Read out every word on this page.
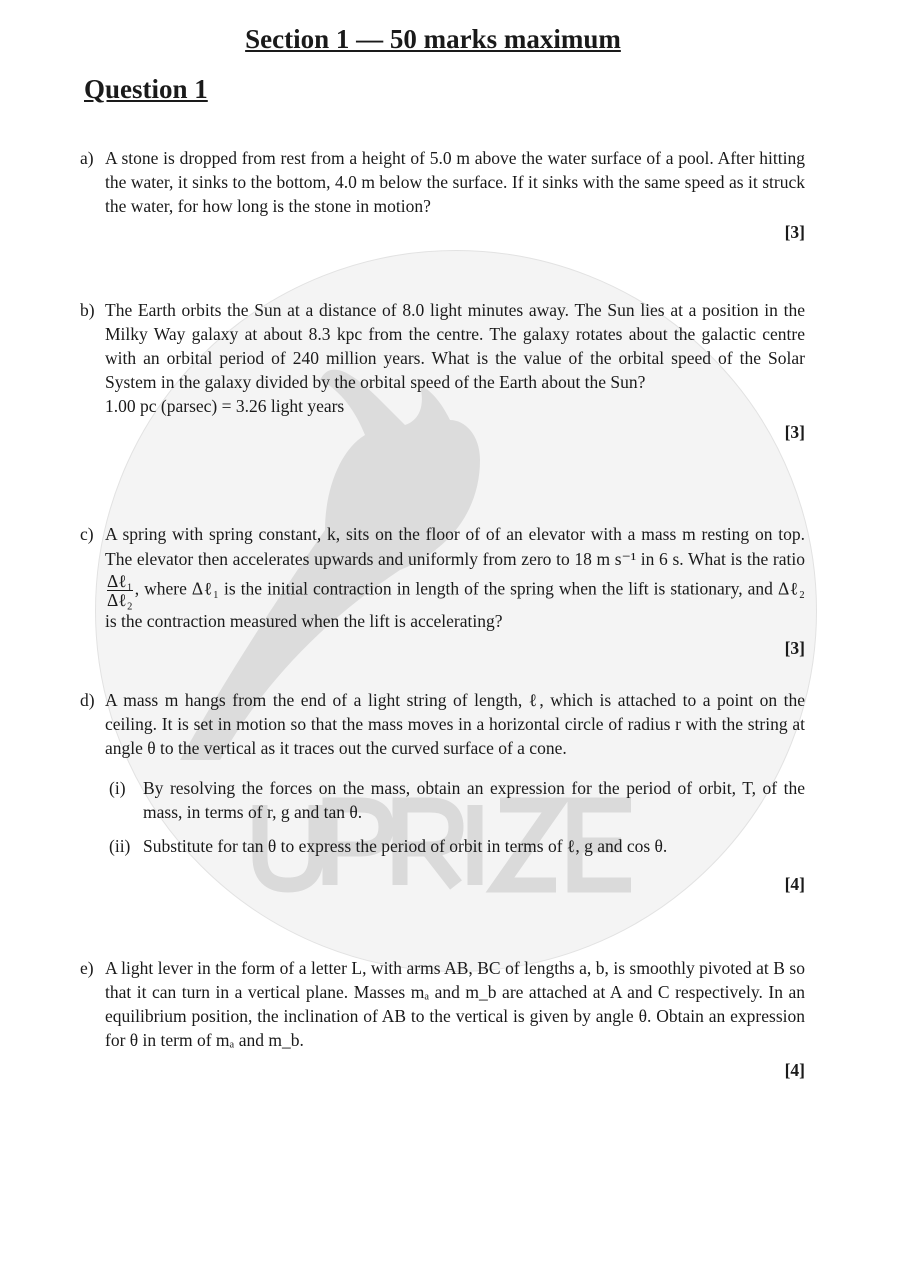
Section 1 — 50 marks maximum
Question 1
a) A stone is dropped from rest from a height of 5.0 m above the water surface of a pool. After hitting the water, it sinks to the bottom, 4.0 m below the surface. If it sinks with the same speed as it struck the water, for how long is the stone in motion?
[3]
b) The Earth orbits the Sun at a distance of 8.0 light minutes away. The Sun lies at a position in the Milky Way galaxy at about 8.3 kpc from the centre. The galaxy rotates about the galactic centre with an orbital period of 240 million years. What is the value of the orbital speed of the Solar System in the galaxy divided by the orbital speed of the Earth about the Sun?
1.00 pc (parsec) = 3.26 light years
[3]
c) A spring with spring constant, k, sits on the floor of of an elevator with a mass m resting on top. The elevator then accelerates upwards and uniformly from zero to 18 m s⁻¹ in 6 s. What is the ratio
$\frac{\text{Δℓ₁}}{\text{Δℓ₂}}$ , where Δℓ₁ is the initial contraction in length of the spring when the lift is stationary, and Δℓ₂ is the contraction measured when the lift is accelerating?
[3]
d) A mass m hangs from the end of a light string of length, ℓ, which is attached to a point on the ceiling. It is set in motion so that the mass moves in a horizontal circle of radius r with the string at angle θ to the vertical as it traces out the curved surface of a cone.
(i) By resolving the forces on the mass, obtain an expression for the period of orbit, T, of the mass, in terms of r, g and tan θ.
(ii) Substitute for tan θ to express the period of orbit in terms of ℓ, g and cos θ.
[4]
e) A light lever in the form of a letter L, with arms AB, BC of lengths a, b, is smoothly pivoted at B so that it can turn in a vertical plane. Masses mₐ and m_b are attached at A and C respectively. In an equilibrium position, the inclination of AB to the vertical is given by angle θ. Obtain an expression for θ in term of mₐ and m_b.
[4]
